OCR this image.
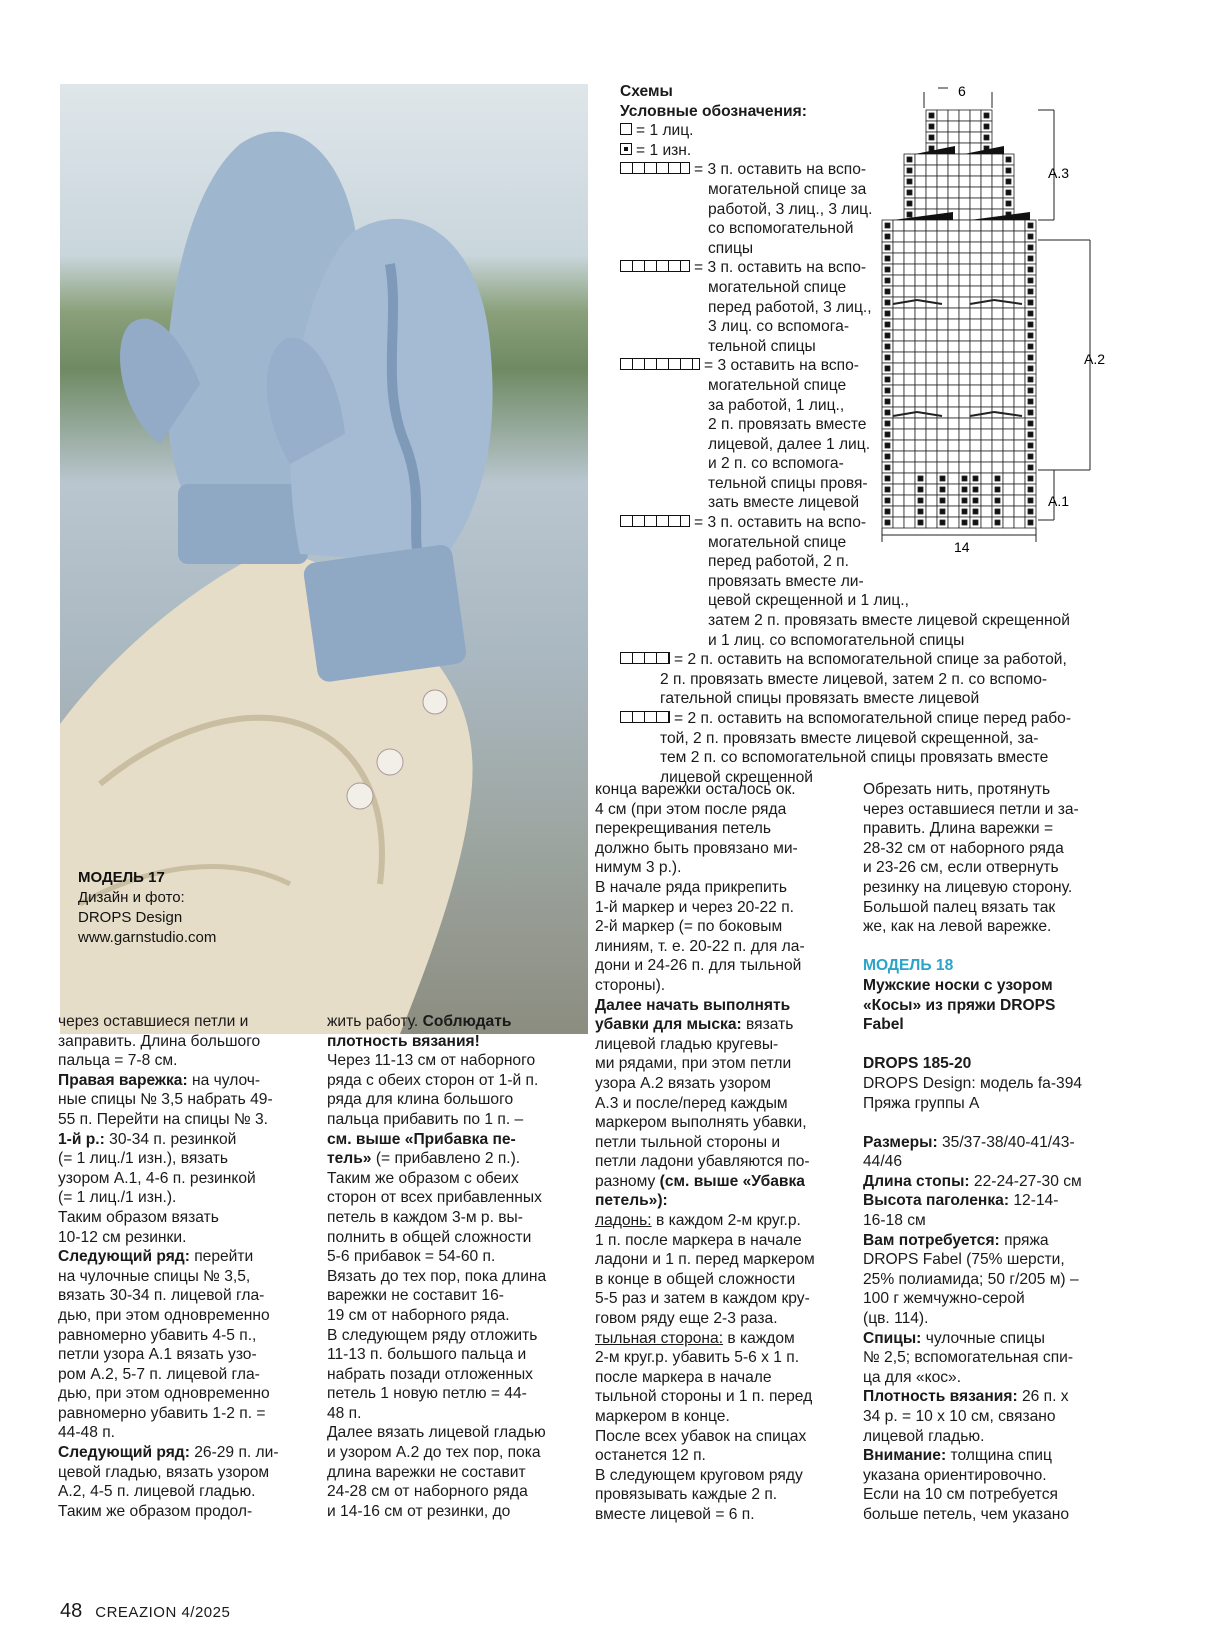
МОДЕЛЬ 17
Дизайн и фото:
DROPS Design
www.garnstudio.com
Схемы
Условные обозначения:
= 1 лиц.
= 1 изн.
= 3 п. оставить на вспо-
могательной спице за
работой, 3 лиц., 3 лиц.
со вспомогательной
спицы
= 3 п. оставить на вспо-
могательной спице
перед работой, 3 лиц.,
3 лиц. со вспомога-
тельной спицы
= 3 оставить на вспо-
могательной спице
за работой, 1 лиц.,
2 п. провязать вместе
лицевой, далее 1 лиц.
и 2 п. со вспомога-
тельной спицы провя-
зать вместе лицевой
= 3 п. оставить на вспо-
могательной спице
перед работой, 2 п.
провязать вместе ли-
цевой скрещенной и 1 лиц.,
затем 2 п. провязать вместе лицевой скрещенной
и 1 лиц. со вспомогательной спицы
= 2 п. оставить на вспомогательной спице за работой,
2 п. провязать вместе лицевой, затем 2 п. со вспомо-
гательной спицы провязать вместе лицевой
= 2 п. оставить на вспомогательной спице перед рабо-
той, 2 п. провязать вместе лицевой скрещенной, за-
тем 2 п. со вспомогательной спицы провязать вместе
лицевой скрещенной
6
14
A.3
A.2
A.1

через оставшиеся петли и

заправить. Длина большого

пальца = 7-8 см.

Правая варежка: на чулоч-

ные спицы № 3,5 набрать 49-

55 п. Перейти на спицы № 3.

1-й р.: 30-34 п. резинкой

(= 1 лиц./1 изн.), вязать

узором А.1, 4-6 п. резинкой

(= 1 лиц./1 изн.).

Таким образом вязать

10-12 см резинки.

Следующий ряд: перейти

на чулочные спицы № 3,5,

вязать 30-34 п. лицевой гла-

дью, при этом одновременно

равномерно убавить 4-5 п.,

петли узора А.1 вязать узо-

ром А.2, 5-7 п. лицевой гла-

дью, при этом одновременно

равномерно убавить 1-2 п. =

44-48 п.

Следующий ряд: 26-29 п. ли-

цевой гладью, вязать узором

А.2, 4-5 п. лицевой гладью.

Таким же образом продол-

жить работу. Соблюдать

плотность вязания!

Через 11-13 см от наборного

ряда с обеих сторон от 1-й п.

ряда для клина большого

пальца прибавить по 1 п. –

см. выше «Прибавка пе-

тель» (= прибавлено 2 п.).

Таким же образом с обеих

сторон от всех прибавленных

петель в каждом 3-м р. вы-

полнить в общей сложности

5-6 прибавок = 54-60 п.

Вязать до тех пор, пока длина

варежки не составит 16-

19 см от наборного ряда.

В следующем ряду отложить

11-13 п. большого пальца и

набрать позади отложенных

петель 1 новую петлю = 44-

48 п.

Далее вязать лицевой гладью

и узором А.2 до тех пор, пока

длина варежки не составит

24-28 см от наборного ряда

и 14-16 см от резинки, до

конца варежки осталось ок.

4 см (при этом после ряда

перекрещивания петель

должно быть провязано ми-

нимум 3 р.).

В начале ряда прикрепить

1-й маркер и через 20-22 п.

2-й маркер (= по боковым

линиям, т. е. 20-22 п. для ла-

дони и 24-26 п. для тыльной

стороны).

Далее начать выполнять

убавки для мыска: вязать

лицевой гладью кругевы-

ми рядами, при этом петли

узора А.2 вязать узором

А.3 и после/перед каждым

маркером выполнять убавки,

петли тыльной стороны и

петли ладони убавляются по-

разному (см. выше «Убавка

петель»):

ладонь: в каждом 2-м круг.р.

1 п. после маркера в начале

ладони и 1 п. перед маркером

в конце в общей сложности

5-5 раз и затем в каждом кру-

говом ряду еще 2-3 раза.

тыльная сторона: в каждом

2-м круг.р. убавить 5-6 х 1 п.

после маркера в начале

тыльной стороны и 1 п. перед

маркером в конце.

После всех убавок на спицах

останется 12 п.

В следующем круговом ряду

провязывать каждые 2 п.

вместе лицевой = 6 п.

Обрезать нить, протянуть

через оставшиеся петли и за-

править. Длина варежки =

28-32 см от наборного ряда

и 23-26 см, если отвернуть

резинку на лицевую сторону.

Большой палец вязать так

же, как на левой варежке.

МОДЕЛЬ 18

Мужские носки с узором

«Косы» из пряжи DROPS

Fabel

DROPS 185-20

DROPS Design: модель fa-394

Пряжа группы А

Размеры: 35/37-38/40-41/43-

44/46

Длина стопы: 22-24-27-30 см

Высота паголенка: 12-14-

16-18 см

Вам потребуется: пряжа

DROPS Fabel (75% шерсти,

25% полиамида; 50 г/205 м) –

100 г жемчужно-серой

(цв. 114).

Спицы: чулочные спицы

№ 2,5; вспомогательная спи-

ца для «кос».

Плотность вязания: 26 п. х

34 р. = 10 х 10 см, связано

лицевой гладью.

Внимание: толщина спиц

указана ориентировочно.

Если на 10 см потребуется

больше петель, чем указано

48 CREAZION 4/2025
